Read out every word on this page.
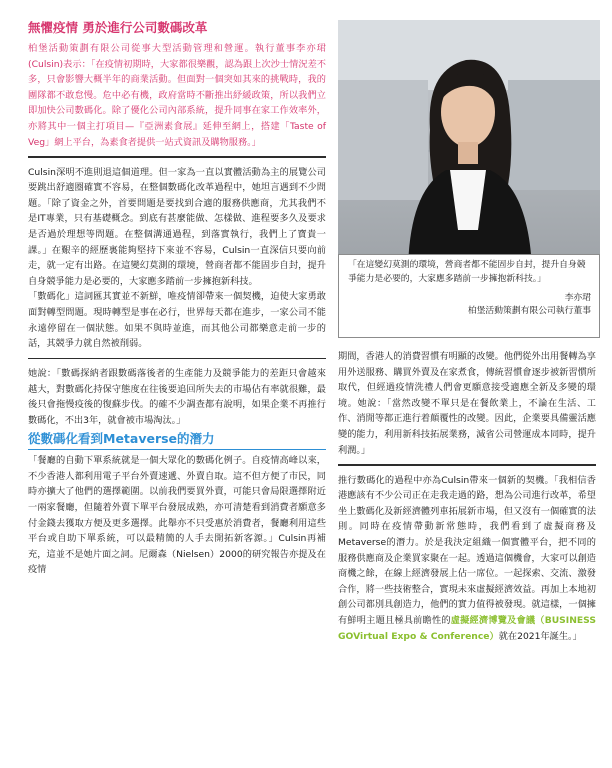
「在這變幻莫測的環境，營商者都不能固步自封，提升自身競爭能力是必要的，大家應多踏前一步擁抱新科技。」
李亦珺
柏堡活動策劃有限公司執行董事
無懼疫情 勇於進行公司數碼改革
柏堡活動策劃有限公司從事大型活動管理和營運。執行董事李亦珺(Culsin)表示：「在疫情初期時，大家都很樂觀，認為跟上次沙士情況差不多，只會影響大概半年的商業活動。但面對一個突如其來的挑戰時，我的團隊都不敢怠慢。危中必有機，政府當時不斷推出紓緩政策，所以我們立即加快公司數碼化。除了優化公司內部系統，提升同事在家工作效率外，亦將其中一個主打項目—『亞洲素食展』延伸至網上，搭建「Taste of Veg」網上平台，為素食者提供一站式資訊及購物服務。」
Culsin深明不進則退這個道理。但一家為一直以實體活動為主的展覽公司要跳出舒適圈確實不容易，在整個數碼化改革過程中，她坦言遇到不少問題。「除了資金之外，首要問題是要找到合適的服務供應商，尤其我們不是IT專業，只有基礎概念。到底有甚麼能做、怎樣做、進程要多久及要求是否過於理想等問題。在整個溝通過程，到落實執行，我們上了寶貴一課。」在艱辛的經歷裏能夠堅持下來並不容易，Culsin一直深信只要向前走，就一定有出路。在這變幻莫測的環境，營商者都不能固步自封，提升自身競爭能力是必要的，大家應多踏前一步擁抱新科技。
「數碼化」這詞匯其實並不新鮮，唯疫情卻帶來一個契機，迫使大家勇敢面對轉型問題。現時轉型是事在必行，世界每天都在進步，一家公司不能永遠停留在一個狀態。如果不與時並進，而其他公司都樂意走前一步的話，其競爭力就自然被削弱。
她說：「數碼探納者跟數碼落後者的生產能力及競爭能力的差距只會越來越大，對數碼化持保守態度在往後要追回所失去的市場佔有率就很難，最後只會拖慢疫後的復蘇步伐。的確不少調查都有說明，如果企業不再推行數碼化，不出3年，就會被市場淘汰。」
從數碼化看到Metaverse的潛力
「餐廳的自動下單系統就是一個大眾化的數碼化例子。自疫情高峰以來，不少香港人都利用電子平台外賣速遞、外賣自取。這不但方便了市民，同時亦擴大了他們的選擇範圍。以前我們要買外賣，可能只會局限選擇附近一兩家餐廳，但隨着外賣下單平台發展成熟，亦可清楚看到消費者願意多付金錢去獲取方便及更多選擇。此舉亦不只受惠於消費者，餐廳利用這些平台或自助下單系統，可以最精簡的人手去開拓新客源。」Culsin再補充，這並不是她片面之詞。尼爾森（Nielsen）2000的研究報告亦提及在疫情
期間，香港人的消費習慣有明顯的改變。他們從外出用餐轉為享用外送服務、購買外賣及在家煮食，傳統習慣會逐步被新習慣所取代，但經過疫情洗禮人們會更願意接受適應全新及多變的環境。她說：「當然改變不單只是在餐飲業上，不論在生活、工作、消閒等都正進行着顛覆性的改變。因此，企業要具備靈活應變的能力，利用新科技拓展業務，減省公司營運成本同時，提升利潤。」
推行數碼化的過程中亦為Culsin帶來一個新的契機。「我相信香港應該有不少公司正在走我走過的路，想為公司進行改革，希望坐上數碼化及新經濟體列車拓展新市場，但又沒有一個確實的法則。同時在疫情帶動新常態時，我們看到了虛擬商務及Metaverse的潛力。於是我決定組織一個實體平台，把不同的服務供應商及企業買家聚在一起。透過這個機會，大家可以創造商機之餘，在線上經濟發展上佔一席位。一起探索、交流、激發合作，將一些技術整合，實現未來虛擬經濟效益。再加上本地初創公司都別具創造力，他們的實力值得被發現。就這樣，一個擁有鮮明主題且極具前瞻性的虛擬經濟博覽及會議（BUSINESS GOVirtual Expo & Conference）就在2021年誕生。」
